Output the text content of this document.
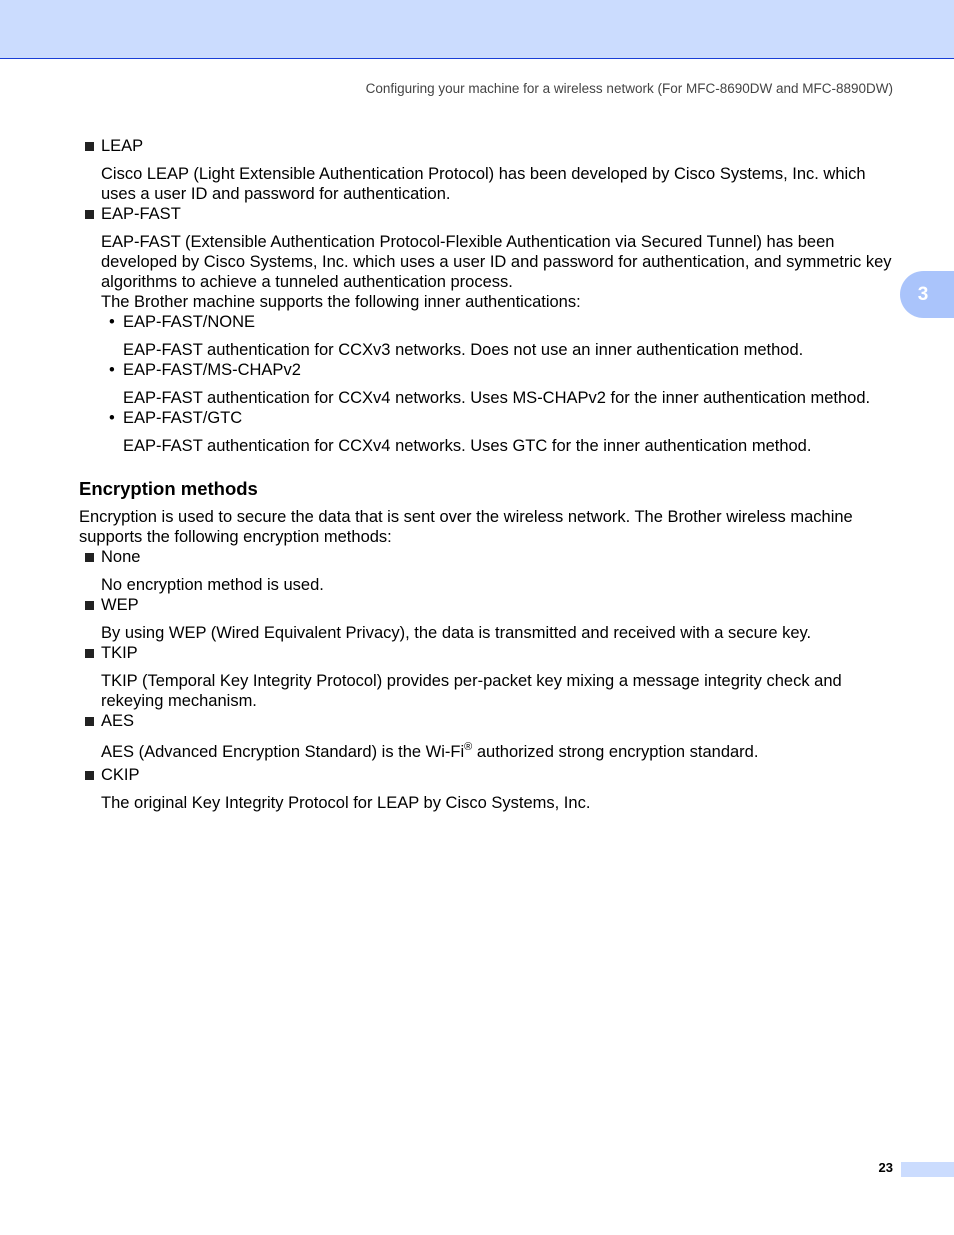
Configuring your machine for a wireless network (For MFC-8690DW and MFC-8890DW)
3
LEAP

Cisco LEAP (Light Extensible Authentication Protocol) has been developed by Cisco Systems, Inc. which uses a user ID and password for authentication.

EAP-FAST

EAP-FAST (Extensible Authentication Protocol-Flexible Authentication via Secured Tunnel) has been developed by Cisco Systems, Inc. which uses a user ID and password for authentication, and symmetric key algorithms to achieve a tunneled authentication process.

The Brother machine supports the following inner authentications:

• EAP-FAST/NONE

EAP-FAST authentication for CCXv3 networks. Does not use an inner authentication method.

• EAP-FAST/MS-CHAPv2

EAP-FAST authentication for CCXv4 networks. Uses MS-CHAPv2 for the inner authentication method.

• EAP-FAST/GTC

EAP-FAST authentication for CCXv4 networks. Uses GTC for the inner authentication method.

Encryption methods

Encryption is used to secure the data that is sent over the wireless network. The Brother wireless machine supports the following encryption methods:

None

No encryption method is used.

WEP

By using WEP (Wired Equivalent Privacy), the data is transmitted and received with a secure key.

TKIP

TKIP (Temporal Key Integrity Protocol) provides per-packet key mixing a message integrity check and rekeying mechanism.

AES

AES (Advanced Encryption Standard) is the Wi-Fi® authorized strong encryption standard.

CKIP

The original Key Integrity Protocol for LEAP by Cisco Systems, Inc.

23
